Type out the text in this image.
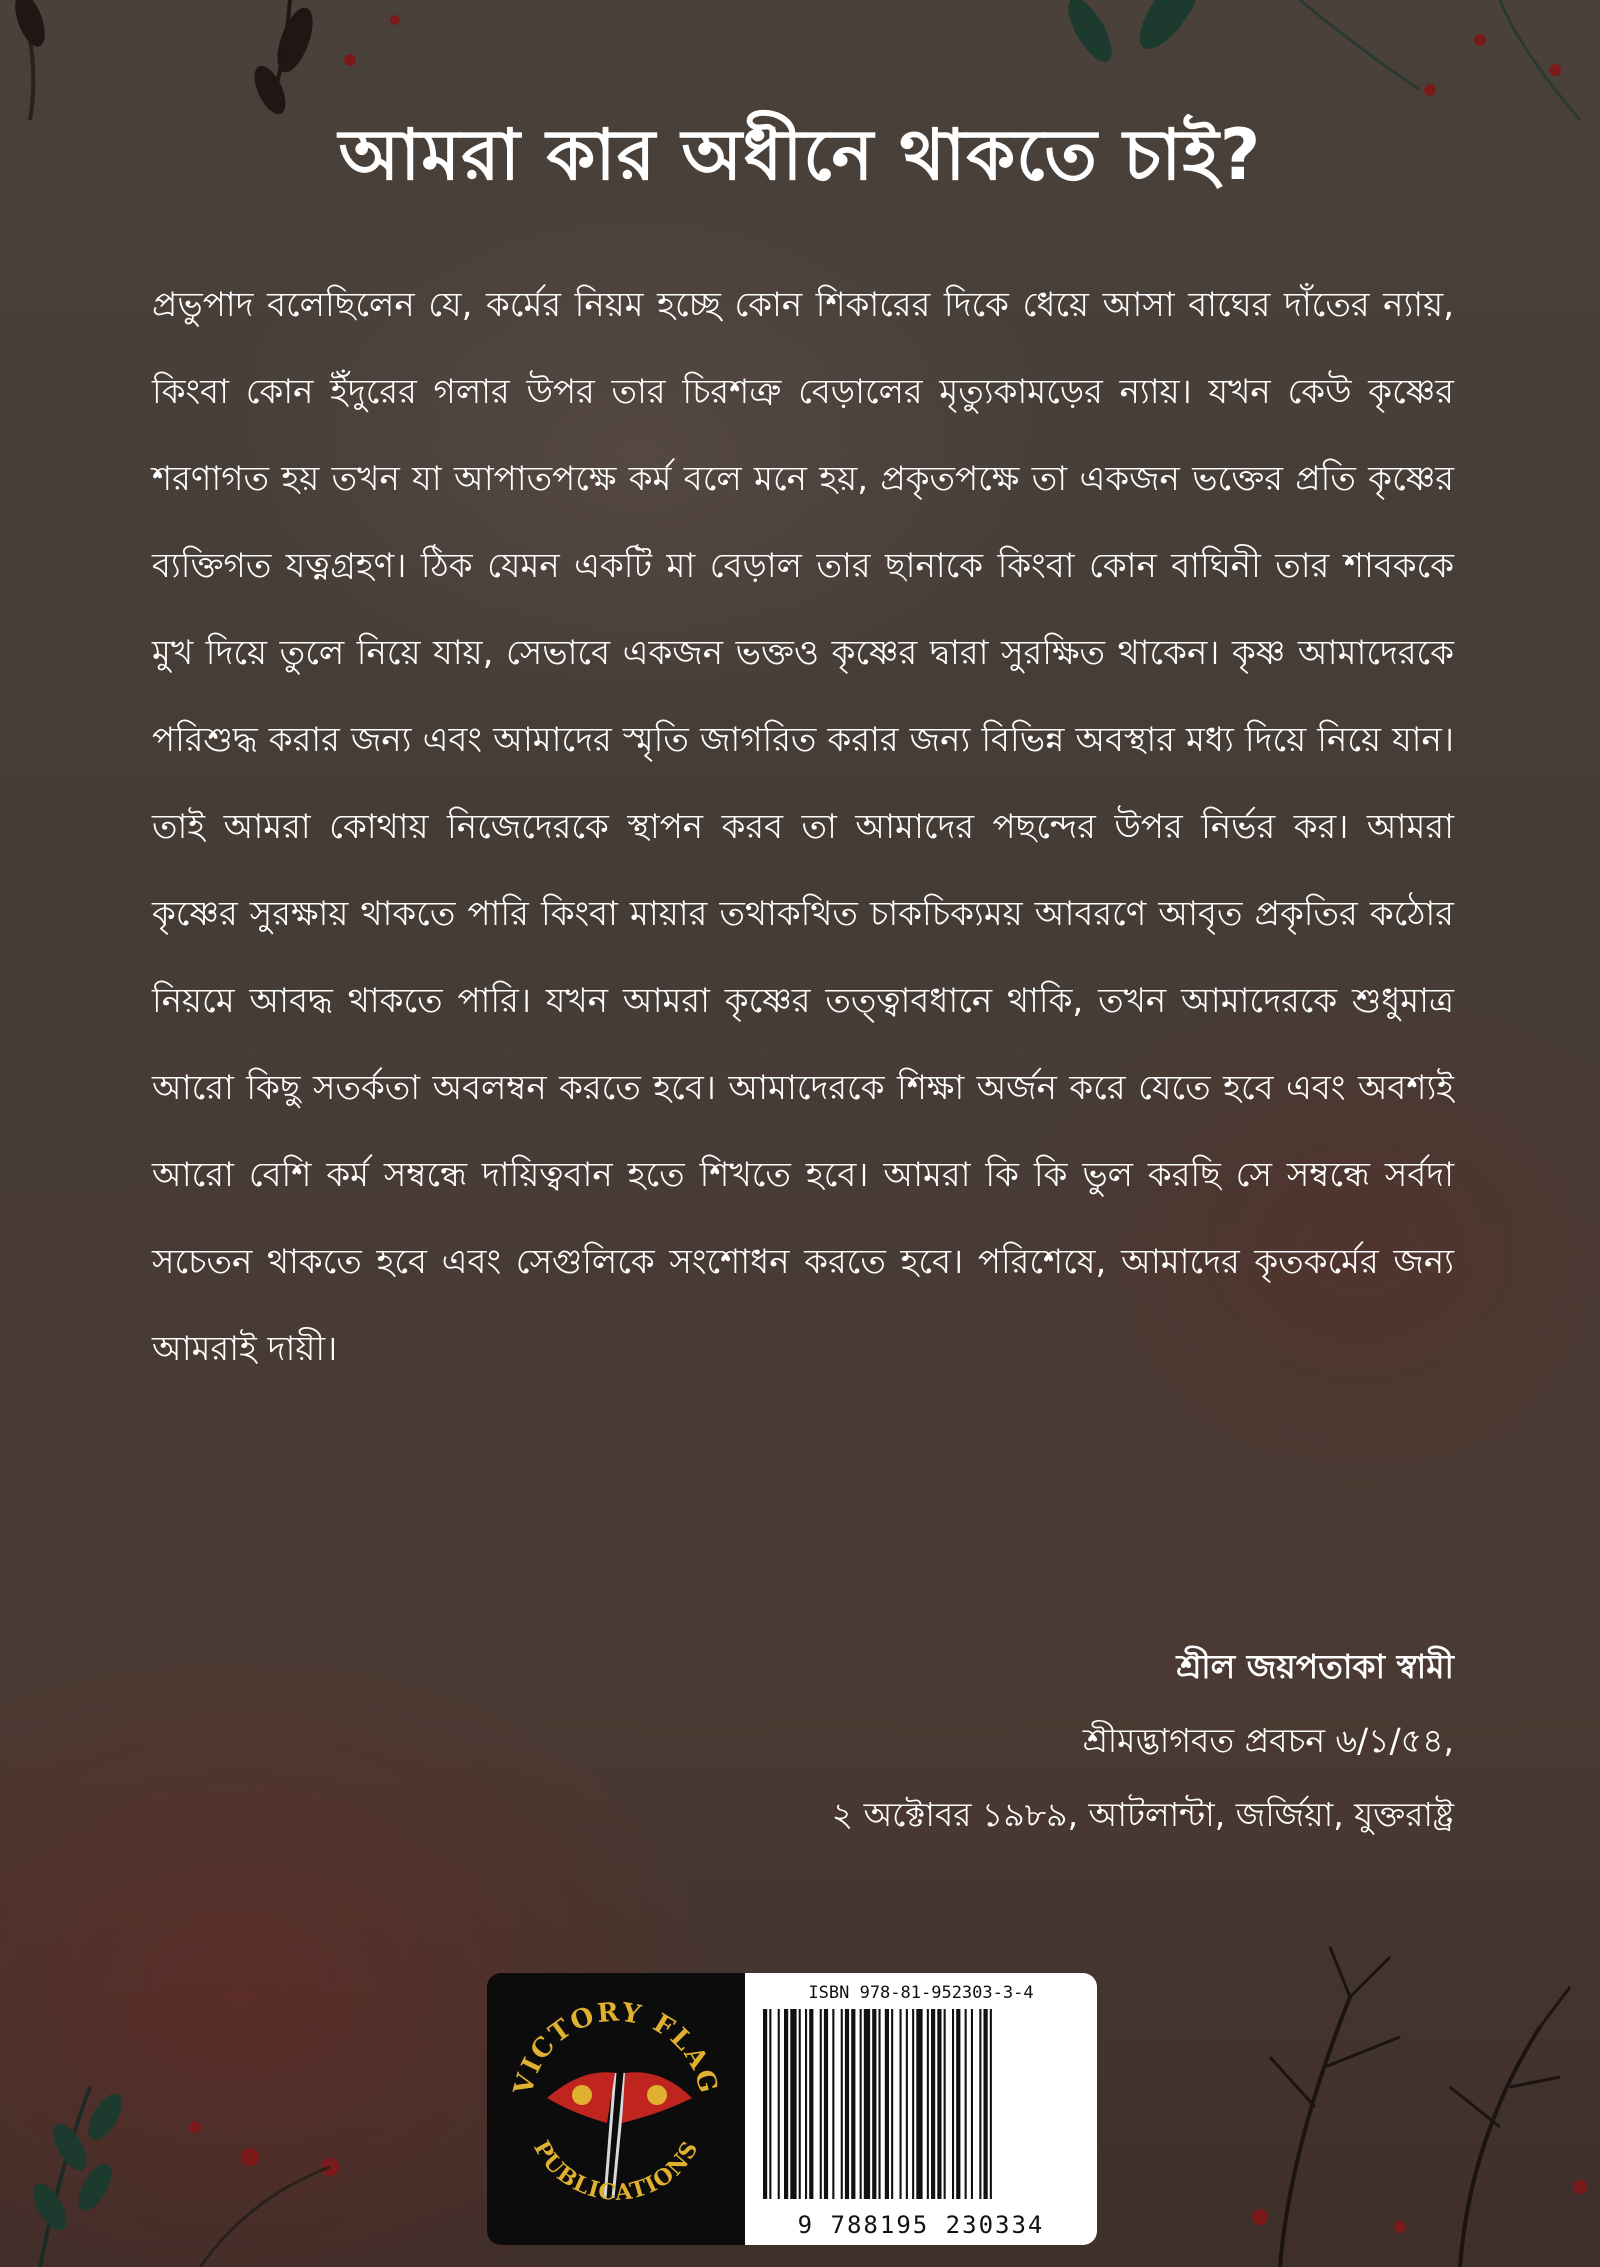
আমরা কার অধীনে থাকতে চাই?

প্রভুপাদ বলেছিলেন যে, কর্মের নিয়ম হচ্ছে কোন শিকারের দিকে ধেয়ে আসা বাঘের দাঁতের ন্যায়, কিংবা কোন ইঁদুরের গলার উপর তার চিরশত্রু বেড়ালের মৃত্যুকামড়ের ন্যায়। যখন কেউ কৃষ্ণের শরণাগত হয় তখন যা আপাতপক্ষে কর্ম বলে মনে হয়, প্রকৃতপক্ষে তা একজন ভক্তের প্রতি কৃষ্ণের ব্যক্তিগত যত্নগ্রহণ। ঠিক যেমন একটি মা বেড়াল তার ছানাকে কিংবা কোন বাঘিনী তার শাবককে মুখ দিয়ে তুলে নিয়ে যায়, সেভাবে একজন ভক্তও কৃষ্ণের দ্বারা সুরক্ষিত থাকেন। কৃষ্ণ আমাদেরকে পরিশুদ্ধ করার জন্য এবং আমাদের স্মৃতি জাগরিত করার জন্য বিভিন্ন অবস্থার মধ্য দিয়ে নিয়ে যান। তাই আমরা কোথায় নিজেদেরকে স্থাপন করব তা আমাদের পছন্দের উপর নির্ভর কর। আমরা কৃষ্ণের সুরক্ষায় থাকতে পারি কিংবা মায়ার তথাকথিত চাকচিক্যময় আবরণে আবৃত প্রকৃতির কঠোর নিয়মে আবদ্ধ থাকতে পারি। যখন আমরা কৃষ্ণের তত্ত্বাবধানে থাকি, তখন আমাদেরকে শুধুমাত্র আরো কিছু সতর্কতা অবলম্বন করতে হবে। আমাদেরকে শিক্ষা অর্জন করে যেতে হবে এবং অবশ্যই আরো বেশি কর্ম সম্বন্ধে দায়িত্ববান হতে শিখতে হবে। আমরা কি কি ভুল করছি সে সম্বন্ধে সর্বদা সচেতন থাকতে হবে এবং সেগুলিকে সংশোধন করতে হবে। পরিশেষে, আমাদের কৃতকর্মের জন্য আমরাই দায়ী।

শ্রীল জয়পতাকা স্বামী
শ্রীমদ্ভাগবত প্রবচন ৬/১/৫৪,
২ অক্টোবর ১৯৮৯, আটলান্টা, জর্জিয়া, যুক্তরাষ্ট্র
VICTORY FLAG
PUBLICATIONS
ISBN 978-81-952303-3-4
9 788195 230334
